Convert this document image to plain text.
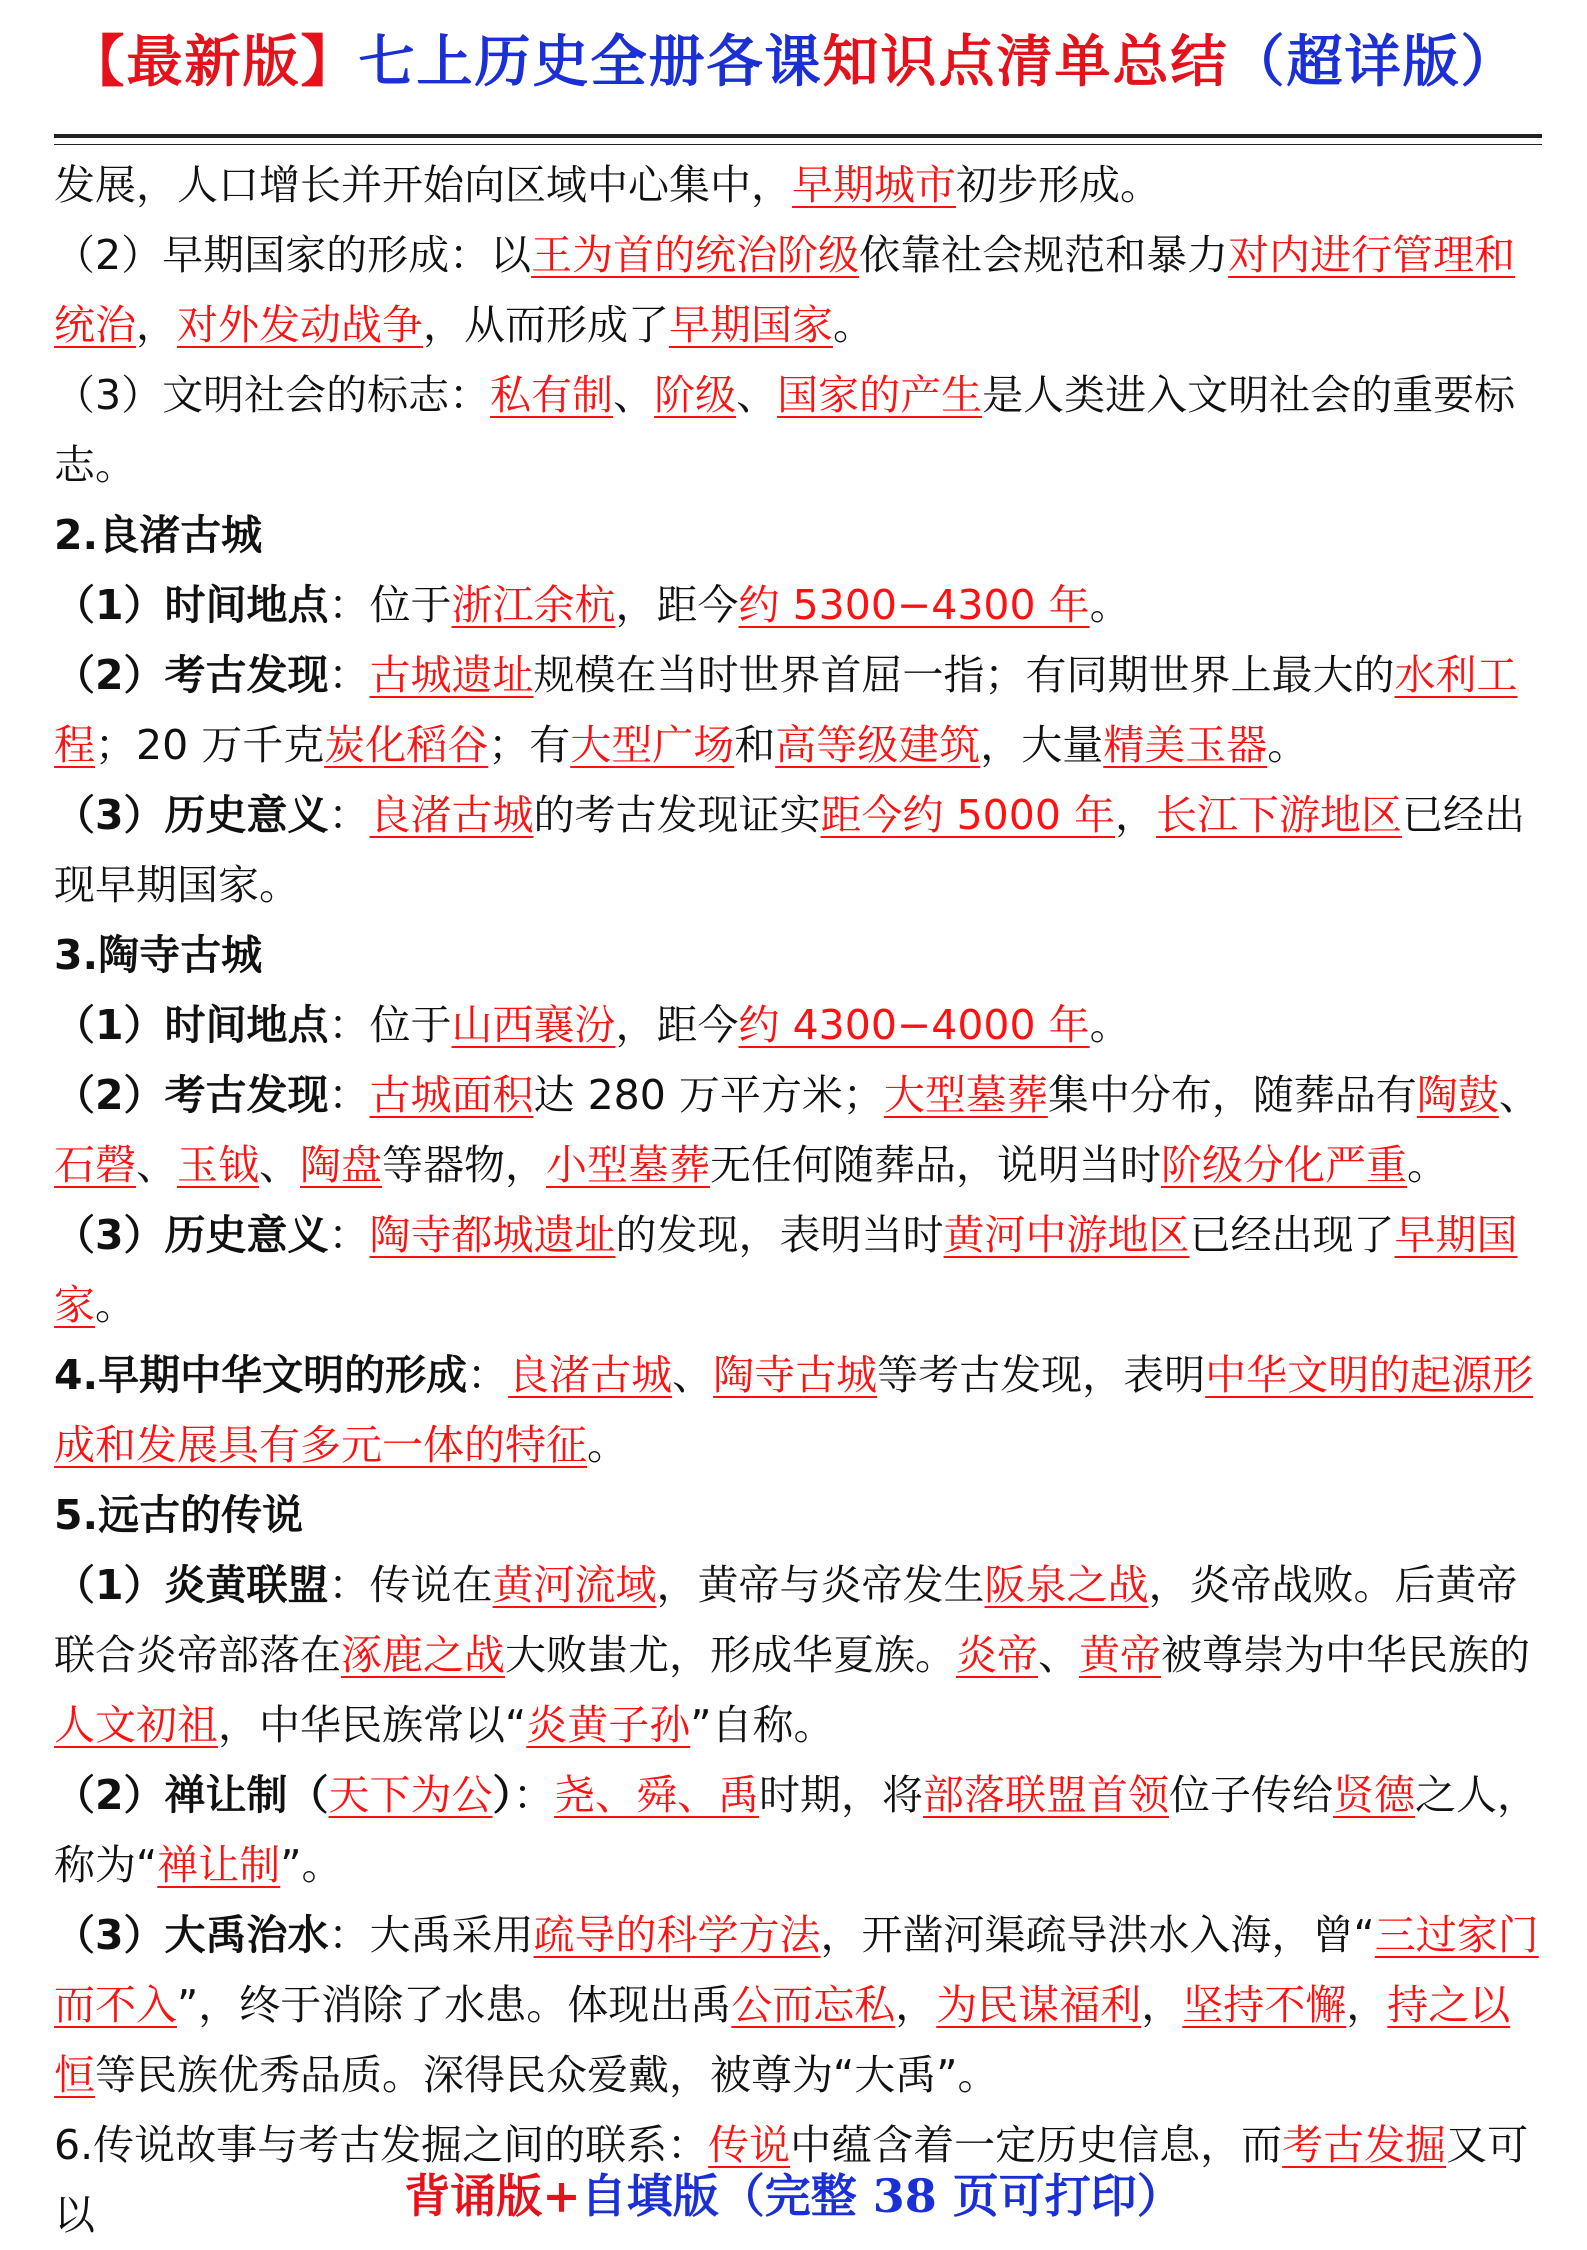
【最新版】七上历史全册各课知识点清单总结（超详版）

发展，人口增长并开始向区域中心集中，早期城市初步形成。

（2）早期国家的形成：以王为首的统治阶级依靠社会规范和暴力对内进行管理和统治，对外发动战争，从而形成了早期国家。

（3）文明社会的标志：私有制、阶级、国家的产生是人类进入文明社会的重要标志。

2.良渚古城

（1）时间地点：位于浙江余杭，距今约 5300−4300 年。

（2）考古发现：古城遗址规模在当时世界首屈一指；有同期世界上最大的水利工程；20 万千克炭化稻谷；有大型广场和高等级建筑，大量精美玉器。

（3）历史意义：良渚古城的考古发现证实距今约 5000 年，长江下游地区已经出现早期国家。

3.陶寺古城

（1）时间地点：位于山西襄汾，距今约 4300−4000 年。

（2）考古发现：古城面积达 280 万平方米；大型墓葬集中分布，随葬品有陶鼓、石磬、玉钺、陶盘等器物，小型墓葬无任何随葬品，说明当时阶级分化严重。

（3）历史意义：陶寺都城遗址的发现，表明当时黄河中游地区已经出现了早期国家。

4.早期中华文明的形成：良渚古城、陶寺古城等考古发现，表明中华文明的起源形成和发展具有多元一体的特征。

5.远古的传说

（1）炎黄联盟：传说在黄河流域，黄帝与炎帝发生阪泉之战，炎帝战败。后黄帝联合炎帝部落在涿鹿之战大败蚩尤，形成华夏族。炎帝、黄帝被尊崇为中华民族的人文初祖，中华民族常以“炎黄子孙”自称。

（2）禅让制（天下为公）：尧、舜、禹时期，将部落联盟首领位子传给贤德之人，称为“禅让制”。

（3）大禹治水：大禹采用疏导的科学方法，开凿河渠疏导洪水入海，曾“三过家门而不入”，终于消除了水患。体现出禹公而忘私，为民谋福利，坚持不懈，持之以恒等民族优秀品质。深得民众爱戴，被尊为“大禹”。

6.传说故事与考古发掘之间的联系：传说中蕴含着一定历史信息，而考古发掘又可以	背诵版+自填版（完整 38 页可打印）
